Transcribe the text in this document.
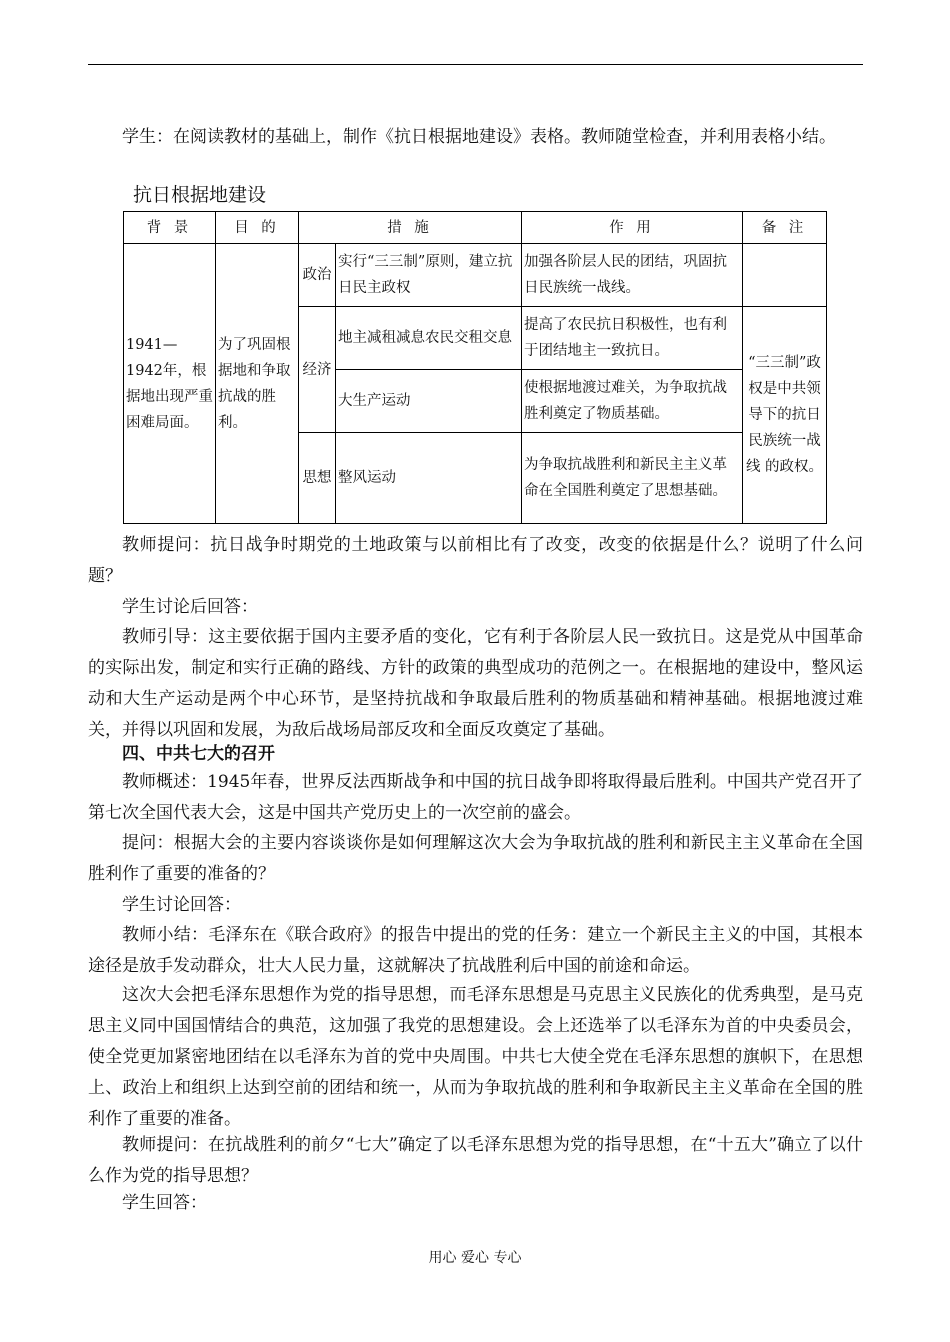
学生：在阅读教材的基础上，制作《抗日根据地建设》表格。教师随堂检查，并利用表格小结。

抗日根据地建设
背 景	目 的	措 施		作 用	备 注
1941—1942年，根据地出现严重困难局面。	为了巩固根据地和争取抗战的胜利。	政治	实行“三三制”原则，建立抗日民主政权	加强各阶层人民的团结，巩固抗日民族统一战线。	
		经济	地主减租减息农民交租交息	提高了农民抗日积极性，也有利于团结地主一致抗日。	“三三制”政权是中共领导下的抗日民族统一战线 的政权。
			大生产运动	使根据地渡过难关，为争取抗战胜利奠定了物质基础。	
		思想	整风运动	为争取抗战胜利和新民主主义革命在全国胜利奠定了思想基础。	

教师提问：抗日战争时期党的土地政策与以前相比有了改变，改变的依据是什么？说明了什么问题？

学生讨论后回答：

教师引导：这主要依据于国内主要矛盾的变化，它有利于各阶层人民一致抗日。这是党从中国革命的实际出发，制定和实行正确的路线、方针的政策的典型成功的范例之一。在根据地的建设中，整风运动和大生产运动是两个中心环节，是坚持抗战和争取最后胜利的物质基础和精神基础。根据地渡过难关，并得以巩固和发展，为敌后战场局部反攻和全面反攻奠定了基础。

四、中共七大的召开

教师概述：1945年春，世界反法西斯战争和中国的抗日战争即将取得最后胜利。中国共产党召开了第七次全国代表大会，这是中国共产党历史上的一次空前的盛会。

提问：根据大会的主要内容谈谈你是如何理解这次大会为争取抗战的胜利和新民主主义革命在全国胜利作了重要的准备的？

学生讨论回答：

教师小结：毛泽东在《联合政府》的报告中提出的党的任务：建立一个新民主主义的中国，其根本途径是放手发动群众，壮大人民力量，这就解决了抗战胜利后中国的前途和命运。

这次大会把毛泽东思想作为党的指导思想，而毛泽东思想是马克思主义民族化的优秀典型，是马克思主义同中国国情结合的典范，这加强了我党的思想建设。会上还选举了以毛泽东为首的中央委员会，使全党更加紧密地团结在以毛泽东为首的党中央周围。中共七大使全党在毛泽东思想的旗帜下，在思想上、政治上和组织上达到空前的团结和统一，从而为争取抗战的胜利和争取新民主主义革命在全国的胜利作了重要的准备。

教师提问：在抗战胜利的前夕“七大”确定了以毛泽东思想为党的指导思想，在“十五大”确立了以什么作为党的指导思想？

学生回答：

用心 爱心 专心
